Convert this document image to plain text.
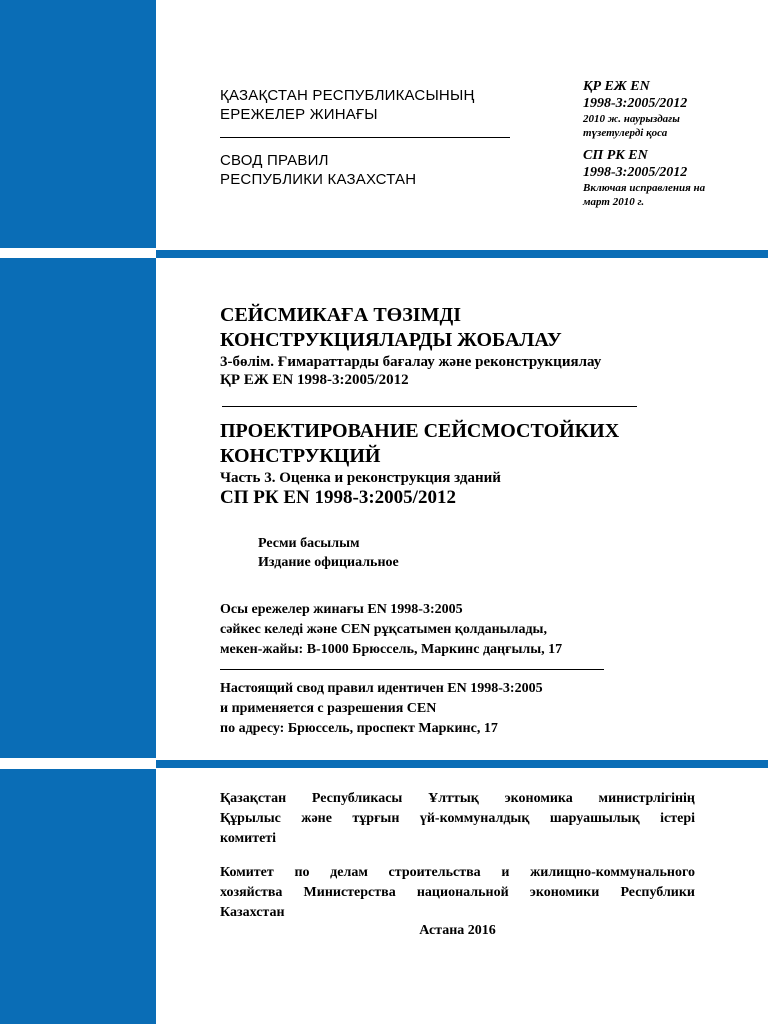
ҚАЗАҚСТАН РЕСПУБЛИКАСЫНЫҢ
ЕРЕЖЕЛЕР ЖИНАҒЫ
СВОД ПРАВИЛ
РЕСПУБЛИКИ КАЗАХСТАН
ҚР ЕЖ EN
1998-3:2005/2012
2010 ж. наурыздағы
түзетулерді қоса
СП РК EN
1998-3:2005/2012
Включая исправления на
март 2010 г.
СЕЙСМИКАҒА ТӨЗІМДІ
КОНСТРУКЦИЯЛАРДЫ ЖОБАЛАУ
3-бөлім. Ғимараттарды бағалау және реконструкциялау
ҚР ЕЖ EN 1998-3:2005/2012
ПРОЕКТИРОВАНИЕ СЕЙСМОСТОЙКИХ
КОНСТРУКЦИЙ
Часть 3. Оценка и реконструкция зданий
СП РК EN 1998-3:2005/2012
Ресми басылым
Издание официальное
Осы ережелер жинағы EN 1998-3:2005
сәйкес келеді және CEN рұқсатымен қолданылады,
мекен-жайы: В-1000 Брюссель, Маркинс даңғылы, 17
Настоящий свод правил идентичен EN 1998-3:2005
и применяется с разрешения CEN
по адресу: Брюссель, проспект Маркинс, 17
Қазақстан Республикасы Ұлттық экономика министрлігінің
Құрылыс және тұрғын үй-коммуналдық шаруашылық істері
комитеті
Комитет по делам строительства и жилищно-коммунального
хозяйства Министерства национальной экономики Республики
Казахстан
Астана 2016
